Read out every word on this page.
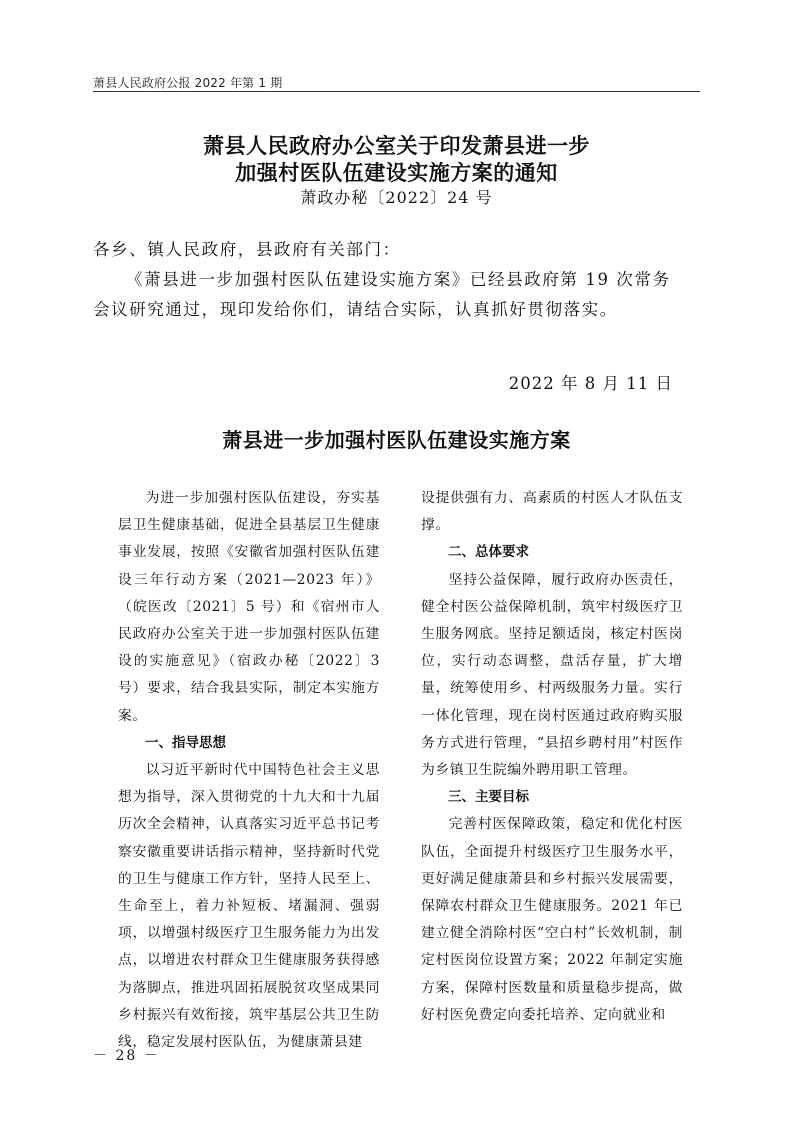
萧县人民政府公报 2022 年第 1 期
萧县人民政府办公室关于印发萧县进一步
加强村医队伍建设实施方案的通知
萧政办秘〔2022〕24 号
各乡、镇人民政府，县政府有关部门：
《萧县进一步加强村医队伍建设实施方案》已经县政府第 19 次常务
会议研究通过，现印发给你们，请结合实际，认真抓好贯彻落实。
2022 年 8 月 11 日
萧县进一步加强村医队伍建设实施方案

为进一步加强村医队伍建设，夯实基层卫生健康基础，促进全县基层卫生健康事业发展，按照《安徽省加强村医队伍建设三年行动方案（2021—2023 年）》（皖医改〔2021〕5 号）和《宿州市人民政府办公室关于进一步加强村医队伍建设的实施意见》（宿政办秘〔2022〕3 号）要求，结合我县实际，制定本实施方案。

一、指导思想

以习近平新时代中国特色社会主义思想为指导，深入贯彻党的十九大和十九届历次全会精神，认真落实习近平总书记考察安徽重要讲话指示精神，坚持新时代党的卫生与健康工作方针，坚持人民至上、生命至上，着力补短板、堵漏洞、强弱项，以增强村级医疗卫生服务能力为出发点，以增进农村群众卫生健康服务获得感为落脚点，推进巩固拓展脱贫攻坚成果同乡村振兴有效衔接，筑牢基层公共卫生防线，稳定发展村医队伍，为健康萧县建

设提供强有力、高素质的村医人才队伍支撑。

二、总体要求

坚持公益保障，履行政府办医责任，健全村医公益保障机制，筑牢村级医疗卫生服务网底。坚持足额适岗，核定村医岗位，实行动态调整，盘活存量，扩大增量，统筹使用乡、村两级服务力量。实行一体化管理，现在岗村医通过政府购买服务方式进行管理，“县招乡聘村用”村医作为乡镇卫生院编外聘用职工管理。

三、主要目标

完善村医保障政策，稳定和优化村医队伍，全面提升村级医疗卫生服务水平，更好满足健康萧县和乡村振兴发展需要，保障农村群众卫生健康服务。2021 年已建立健全消除村医“空白村”长效机制，制定村医岗位设置方案；2022 年制定实施方案，保障村医数量和质量稳步提高，做好村医免费定向委托培养、定向就业和

－ 28 －
